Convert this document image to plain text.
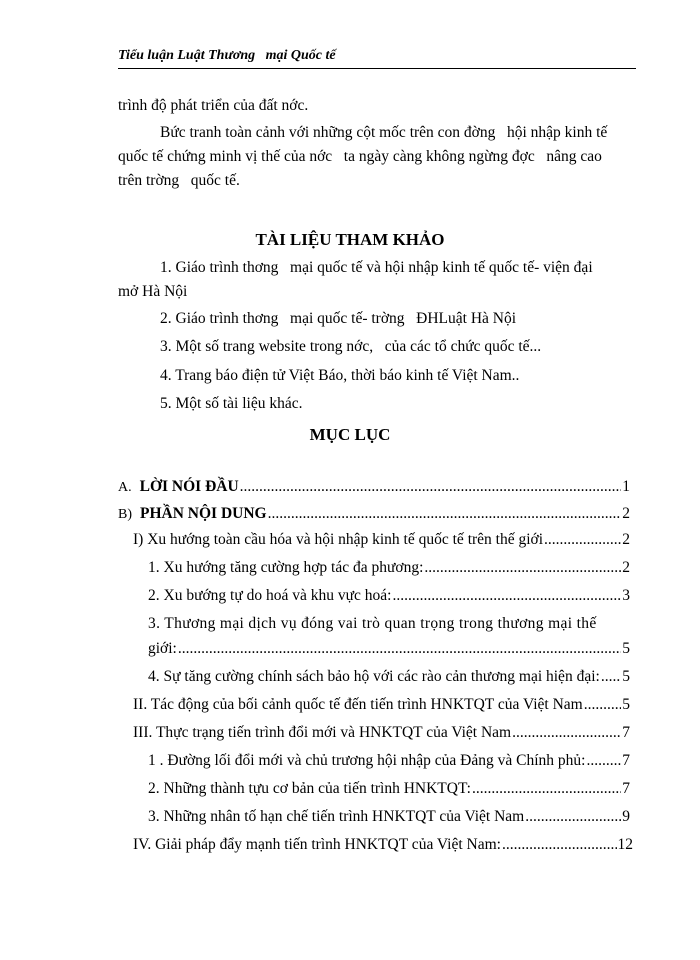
Tiểu luận Luật Thương   mại Quốc tế
trình độ phát triển của đất nớc.
Bức tranh toàn cảnh với những cột mốc trên con đờng   hội nhập kinh tế
quốc tế chứng minh vị thế của nớc   ta ngày càng không ngừng đợc   nâng cao
trên trờng   quốc tế.
TÀI LIỆU THAM KHẢO
1. Giáo trình thơng   mại quốc tế và hội nhập kinh tế quốc tế- viện đại
mở Hà Nội
2. Giáo trình thơng   mại quốc tế- trờng   ĐHLuật Hà Nội
3. Một số trang website trong nớc,   của các tổ chức quốc tế...
4. Trang báo điện tử Việt Báo, thời báo kinh tế Việt Nam..
5. Một số tài liệu khác.
MỤC LỤC
A. LỜI NÓI ĐẦU .....	1
B) PHẦN NỘI DUNG .....	2
I) Xu hướng toàn cầu hóa và hội nhập kinh tế quốc tế trên thế giới .....	2
1. Xu hướng tăng cường hợp tác đa phương: .....	2
2. Xu bướng tự do hoá và khu vực hoá: .....	3
3. Thương mại dịch vụ đóng vai trò quan trọng trong thương mại thế
giới: .....	5
4. Sự tăng cường chính sách bảo hộ với các rào cản thương mại hiện đại: ..... 5
II. Tác động của bối cảnh quốc tế đến tiến trình HNKTQT của Việt Nam .....	5
III. Thực trạng tiến trình đổi mới và HNKTQT của Việt Nam .....	7
1 . Đường lối đổi mới và chủ trương hội nhập của Đảng và Chính phủ: ..... 7
2. Những thành tựu cơ bản của tiến trình HNKTQT: .....	7
3. Những nhân tố hạn chế tiến trình HNKTQT của Việt Nam .....	9
IV. Giải pháp đẩy mạnh tiến trình HNKTQT của Việt Nam: .....	12
